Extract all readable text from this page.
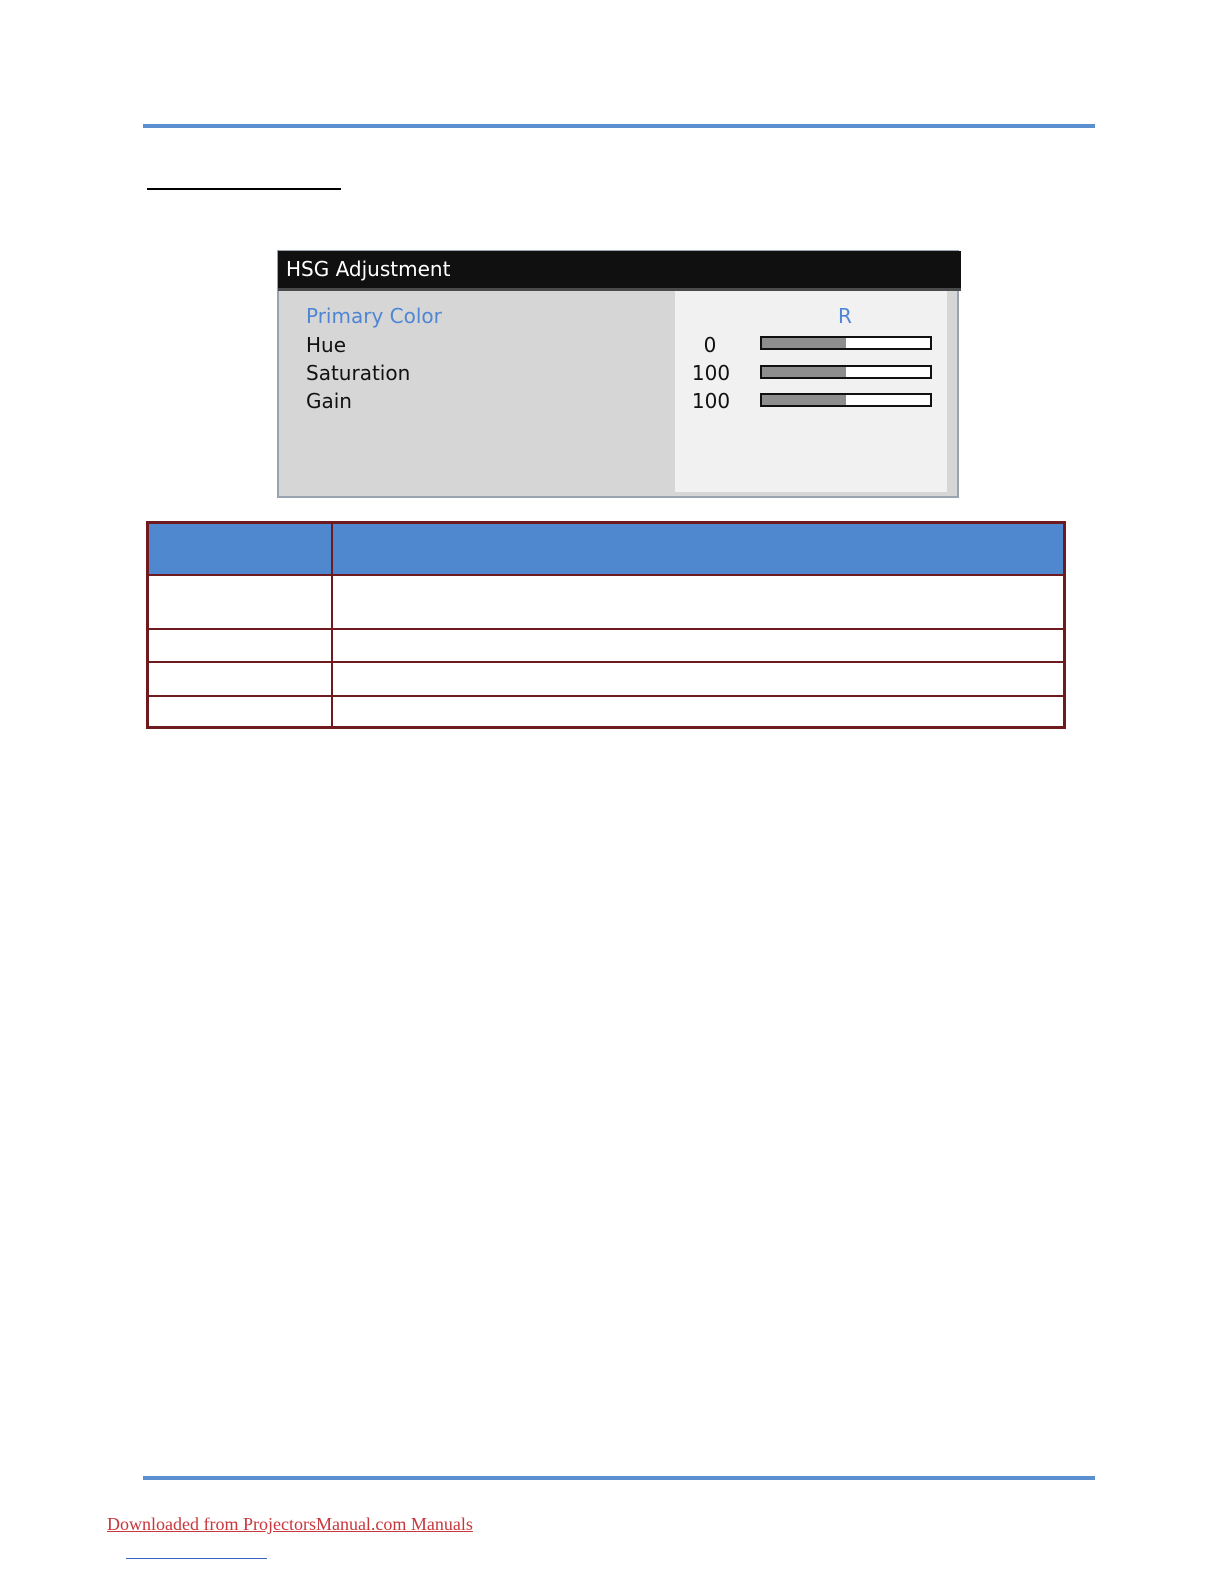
HSG Adjustment
Primary Color	R
Hue	0
Saturation	100
Gain	100
Downloaded from ProjectorsManual.com Manuals
